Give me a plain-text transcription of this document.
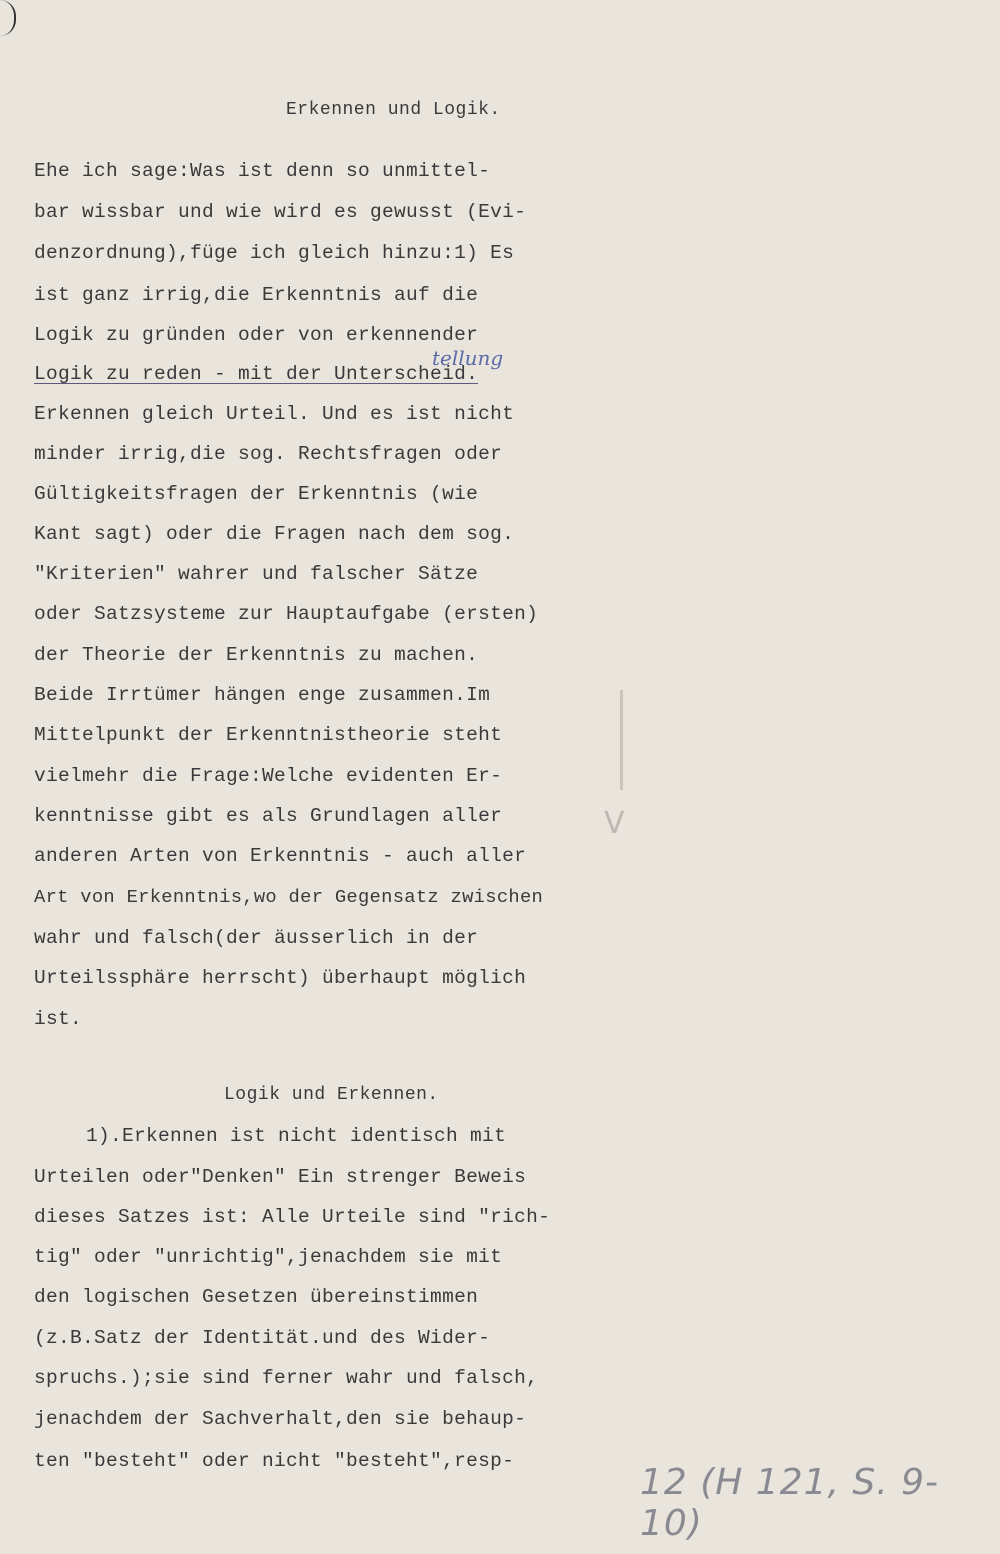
Erkennen und Logik.
Ehe ich sage:Was ist denn so unmittel-
bar wissbar und wie wird es gewusst (Evi-
denzordnung),füge ich gleich hinzu:1) Es
ist ganz irrig,die Erkenntnis auf die
Logik zu gründen oder von erkennender
Logik zu reden - mit der Unterscheid.
Erkennen gleich Urteil. Und es ist nicht
minder irrig,die sog. Rechtsfragen oder
Gültigkeitsfragen der Erkenntnis (wie
Kant sagt) oder die Fragen nach dem sog.
"Kriterien" wahrer und falscher Sätze
oder Satzsysteme zur Hauptaufgabe (ersten)
der Theorie der Erkenntnis zu machen.
Beide Irrtümer hängen enge zusammen.Im
Mittelpunkt der Erkenntnistheorie steht
vielmehr die Frage:Welche evidenten Er-
kenntnisse gibt es als Grundlagen aller
anderen Arten von Erkenntnis - auch aller
Art von Erkenntnis,wo der Gegensatz zwischen
wahr und falsch(der äusserlich in der
Urteilssphäre herrscht) überhaupt möglich
ist.
tellung
V
Logik und Erkennen.
1).Erkennen ist nicht identisch mit
Urteilen oder"Denken" Ein strenger Beweis
dieses Satzes ist: Alle Urteile sind "rich-
tig" oder "unrichtig",jenachdem sie mit
den logischen Gesetzen übereinstimmen
(z.B.Satz der Identität.und des Wider-
spruchs.);sie sind ferner wahr und falsch,
jenachdem der Sachverhalt,den sie behaup-
ten "besteht" oder nicht "besteht",resp-
12 (H 121, S. 9-10)
